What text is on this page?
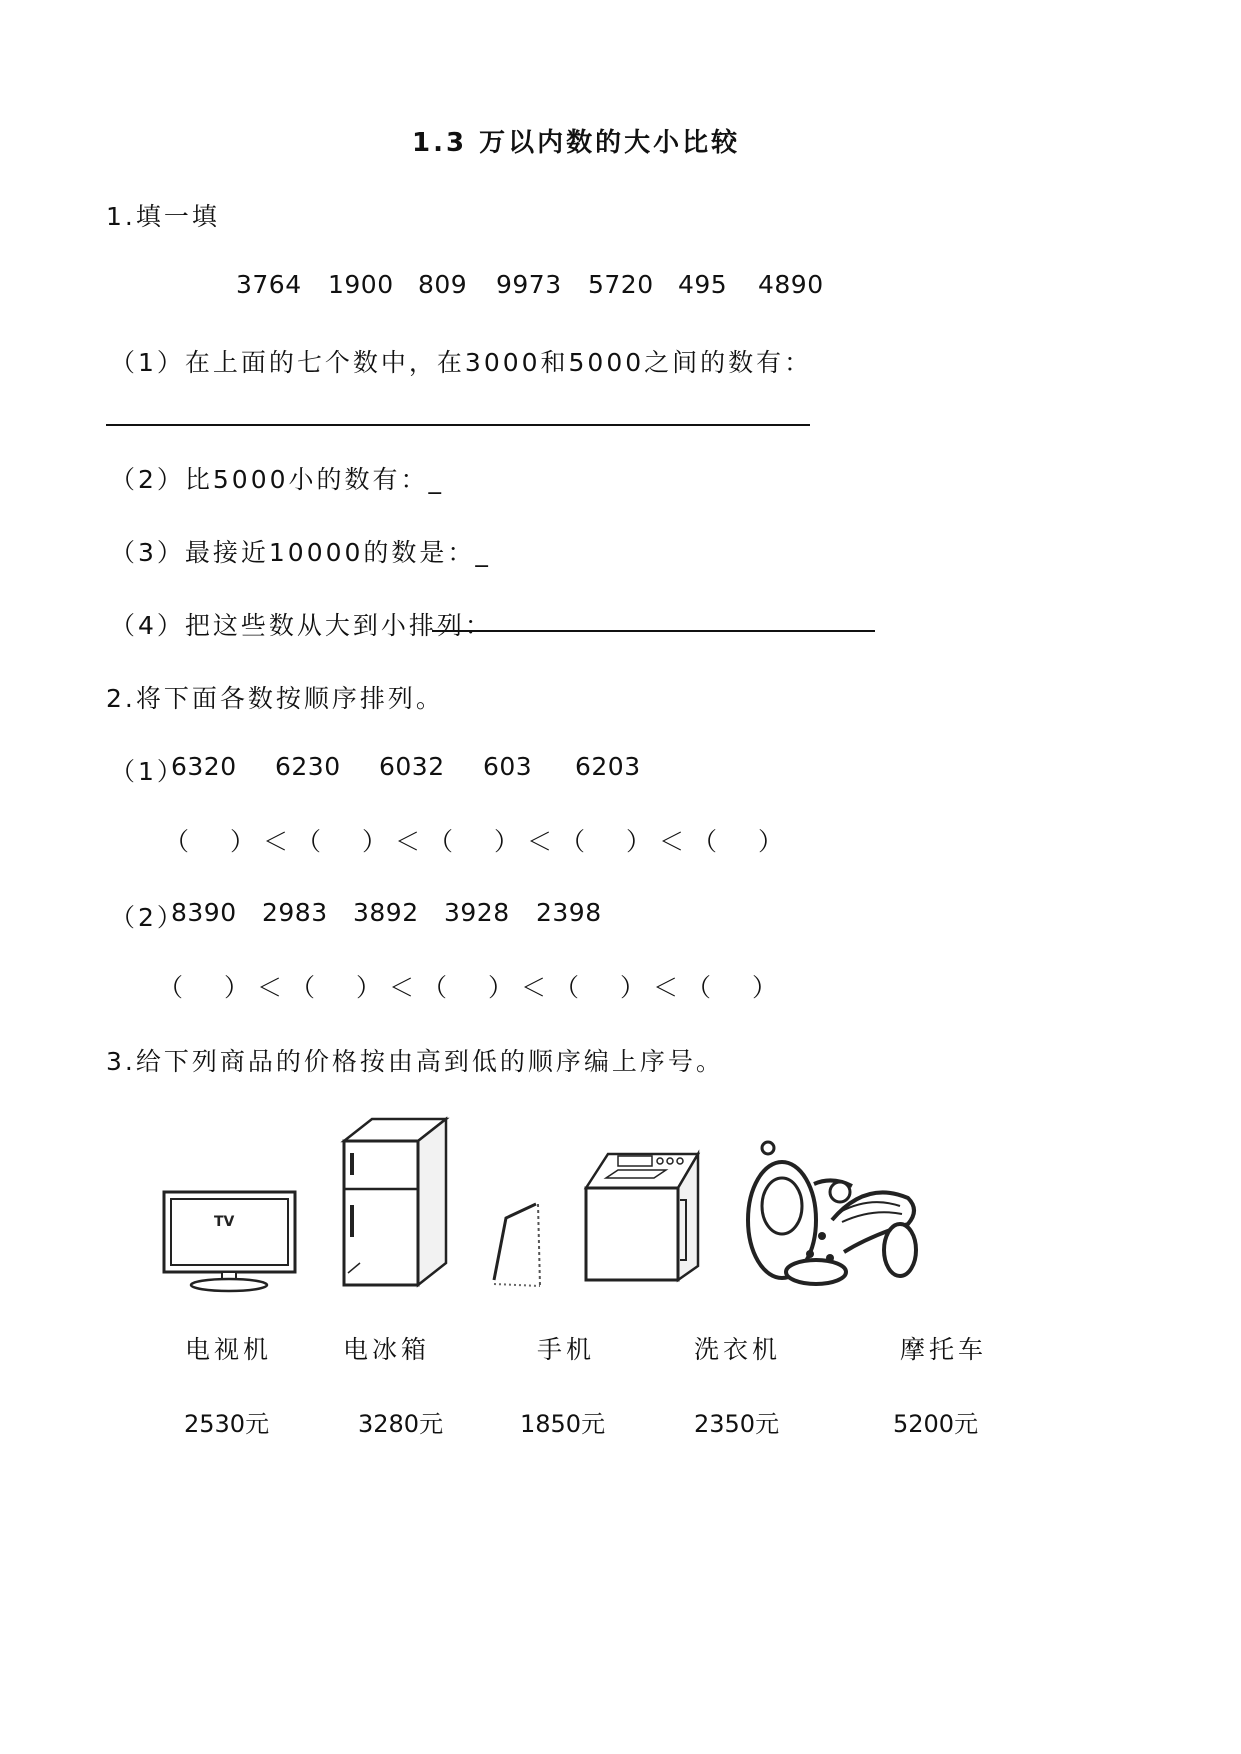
1.3 万以内数的大小比较
1.填一填
3764 1900 809 9973 5720 495 4890
（1）在上面的七个数中，在3000和5000之间的数有：
（2）比5000小的数有：_
（3）最接近10000的数是：_
（4）把这些数从大到小排列：
2.将下面各数按顺序排列。
（1）
6320 6230 6032 603 6203
（　）＜（　）＜（　）＜（　）＜（　）
（2）
8390 2983 3892 3928 2398
（　）＜（　）＜（　）＜（　）＜（　）
3.给下列商品的价格按由高到低的顺序编上序号。
TV
电视机	电冰箱	手机	洗衣机	摩托车
2530元	3280元	1850元	2350元	5200元
